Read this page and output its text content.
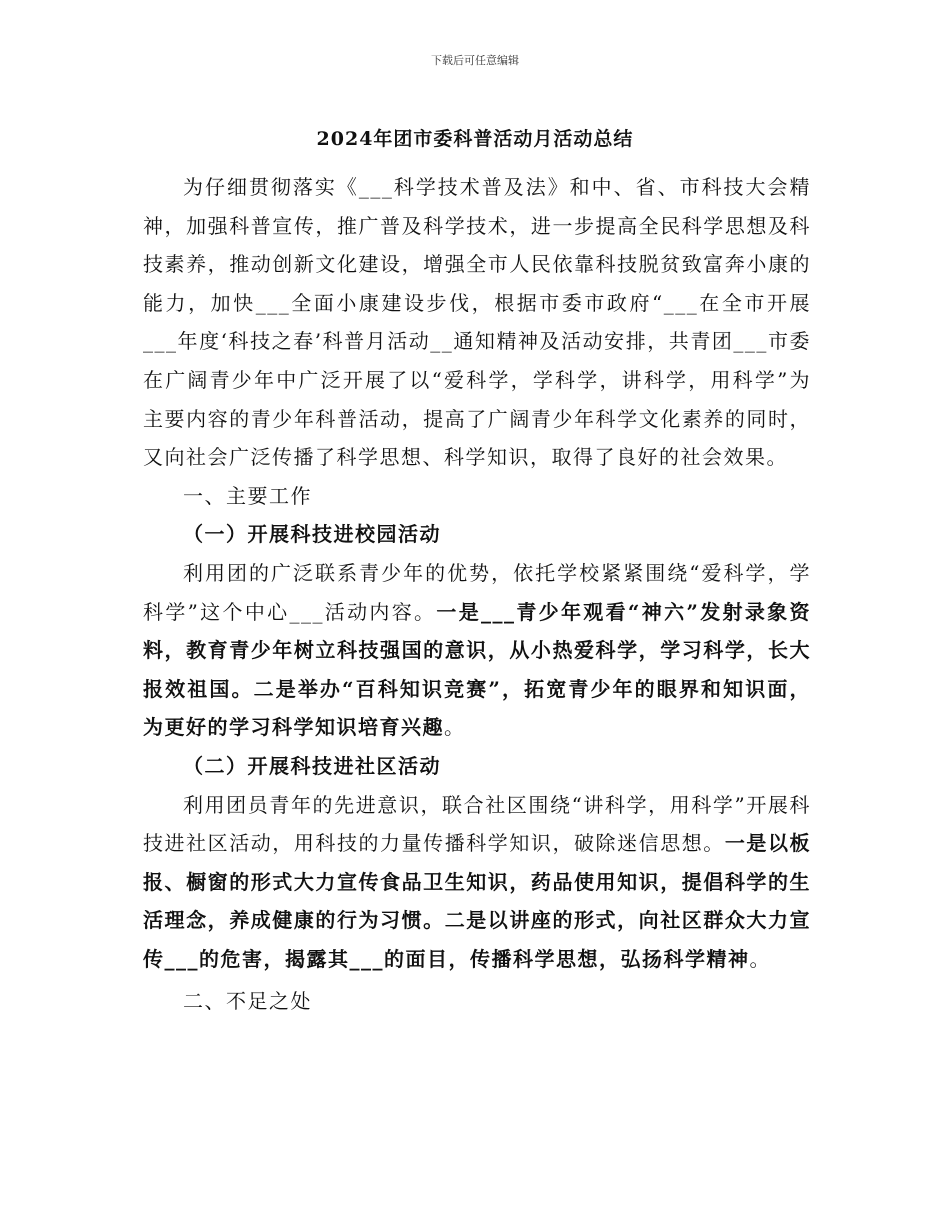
下载后可任意编辑
2024年团市委科普活动月活动总结

为仔细贯彻落实《___科学技术普及法》和中、省、市科技大会精神，加强科普宣传，推广普及科学技术，进一步提高全民科学思想及科技素养，推动创新文化建设，增强全市人民依靠科技脱贫致富奔小康的能力，加快___全面小康建设步伐，根据市委市政府“___在全市开展___年度‘科技之春’科普月活动__通知精神及活动安排，共青团___市委在广阔青少年中广泛开展了以“爱科学，学科学，讲科学，用科学”为主要内容的青少年科普活动，提高了广阔青少年科学文化素养的同时，又向社会广泛传播了科学思想、科学知识，取得了良好的社会效果。

一、主要工作

（一）开展科技进校园活动

利用团的广泛联系青少年的优势，依托学校紧紧围绕“爱科学，学科学”这个中心___活动内容。一是___青少年观看“神六”发射录象资料，教育青少年树立科技强国的意识，从小热爱科学，学习科学，长大报效祖国。二是举办“百科知识竞赛”，拓宽青少年的眼界和知识面，为更好的学习科学知识培育兴趣。

（二）开展科技进社区活动

利用团员青年的先进意识，联合社区围绕“讲科学，用科学”开展科技进社区活动，用科技的力量传播科学知识，破除迷信思想。一是以板报、橱窗的形式大力宣传食品卫生知识，药品使用知识，提倡科学的生活理念，养成健康的行为习惯。二是以讲座的形式，向社区群众大力宣传___的危害，揭露其___的面目，传播科学思想，弘扬科学精神。

二、不足之处
